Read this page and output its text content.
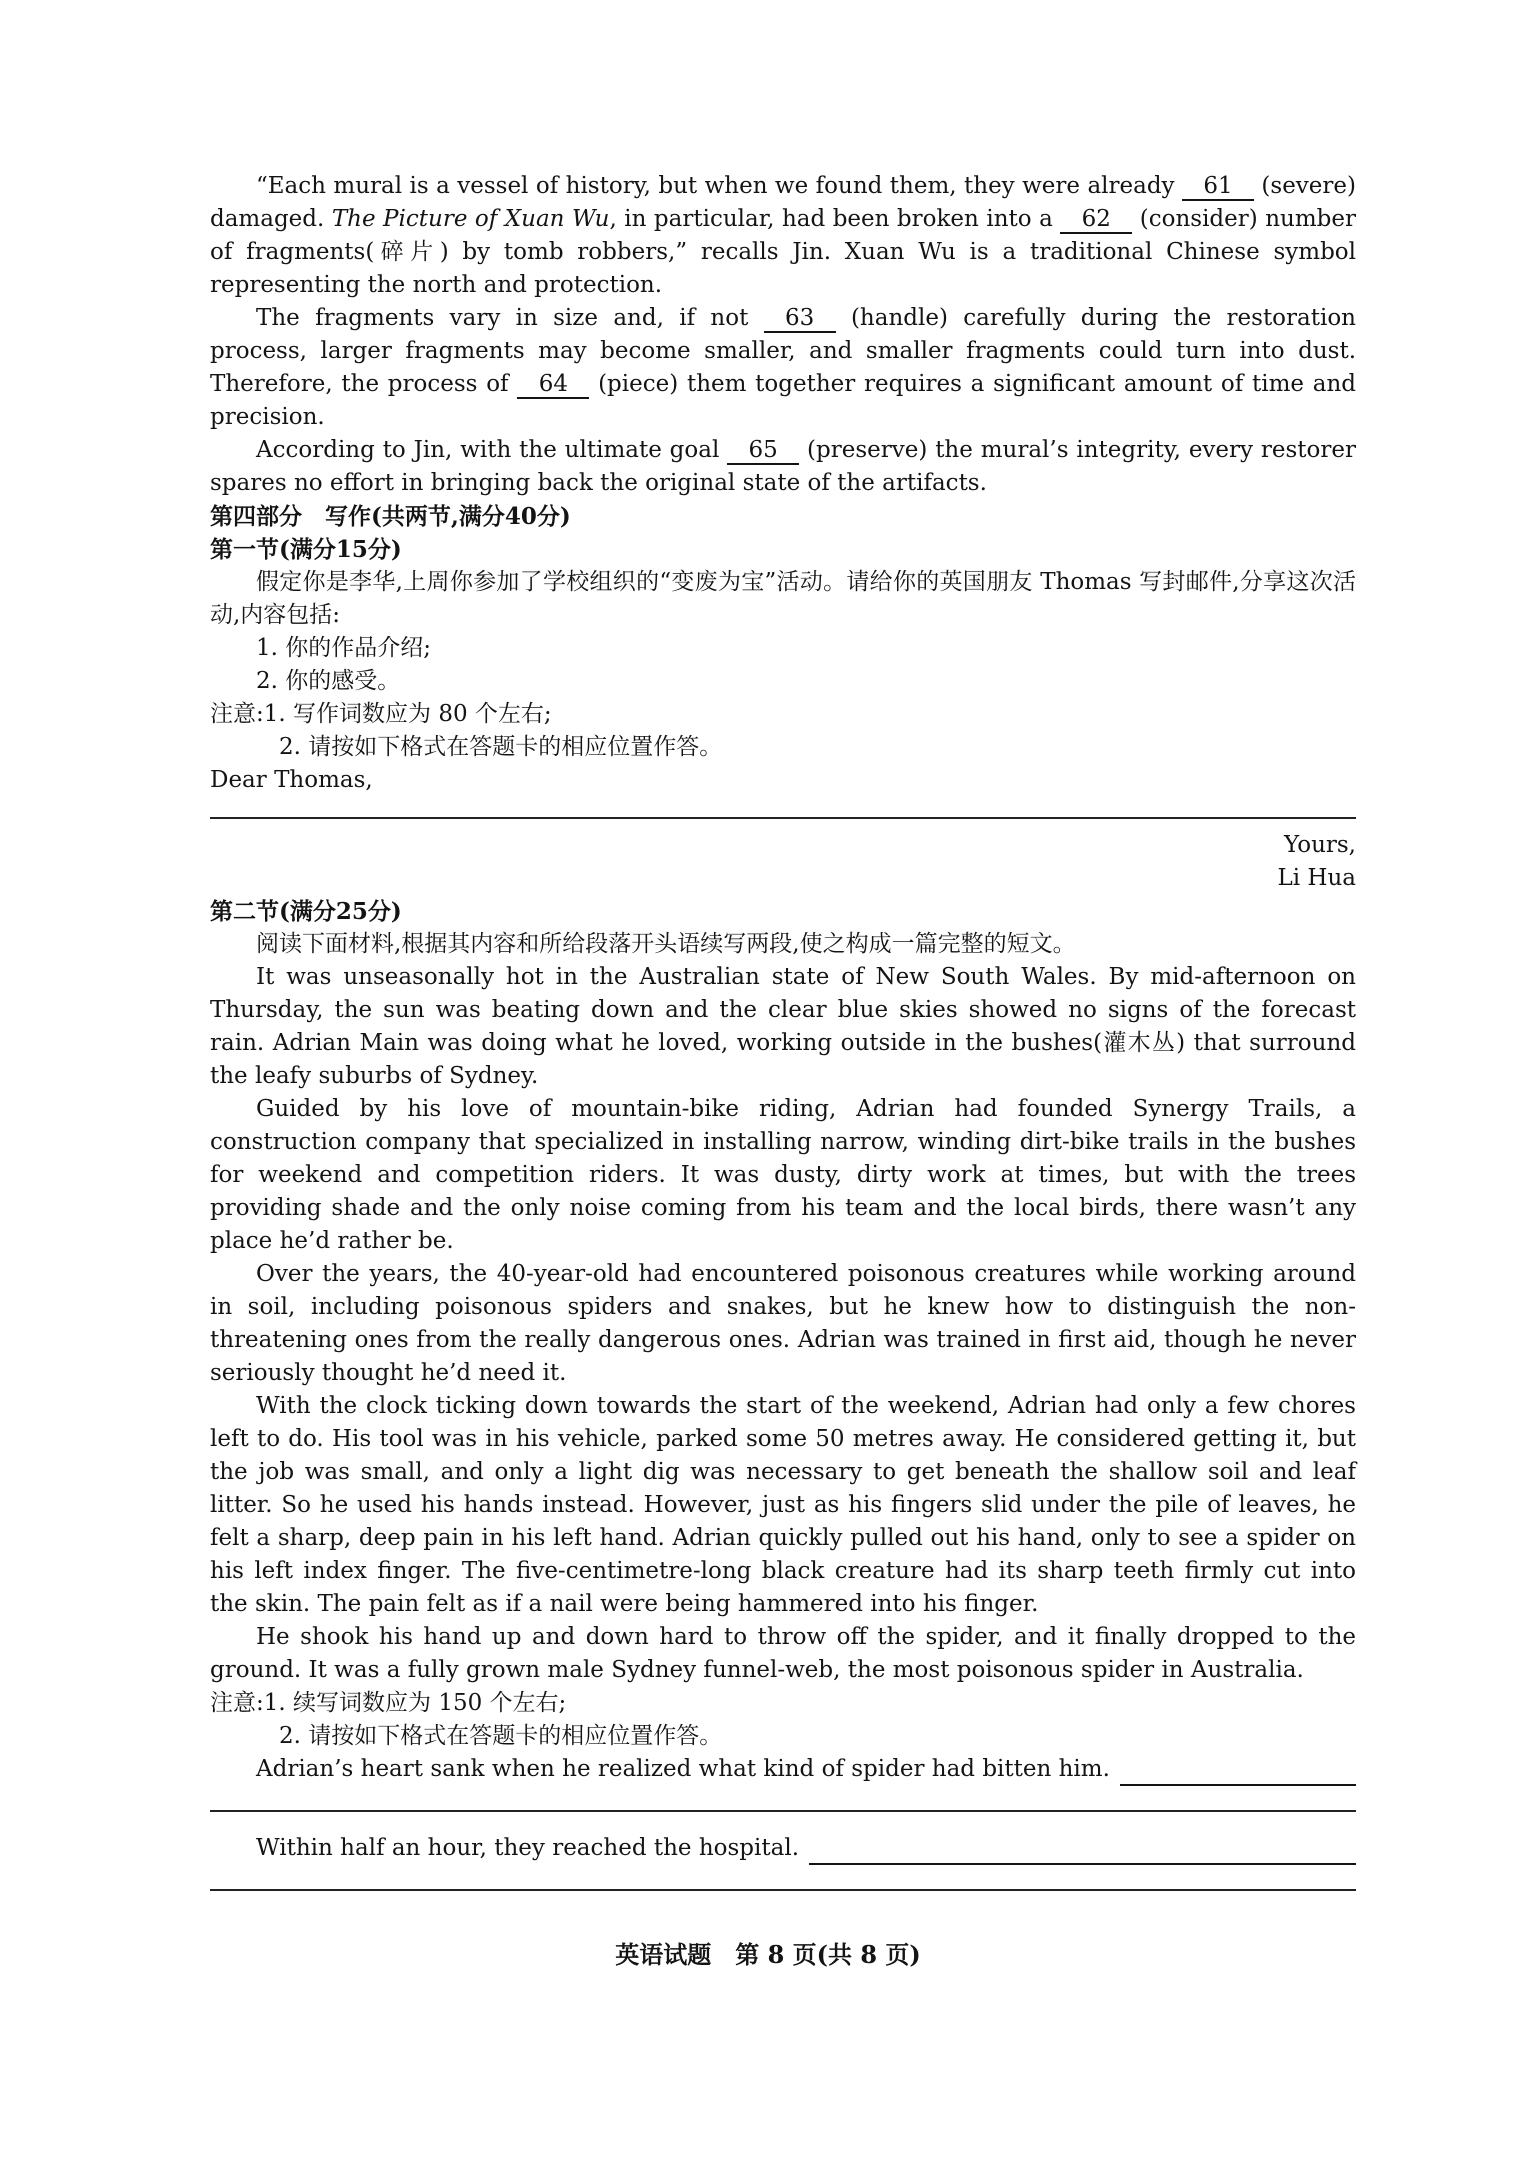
“Each mural is a vessel of history, but when we found them, they were already 61 (severe) damaged. The Picture of Xuan Wu, in particular, had been broken into a 62 (consider) number of fragments(碎片) by tomb robbers,” recalls Jin. Xuan Wu is a traditional Chinese symbol representing the north and protection.

The fragments vary in size and, if not 63 (handle) carefully during the restoration process, larger fragments may become smaller, and smaller fragments could turn into dust. Therefore, the process of 64 (piece) them together requires a significant amount of time and precision.

According to Jin, with the ultimate goal 65 (preserve) the mural’s integrity, every restorer spares no effort in bringing back the original state of the artifacts.

第四部分　写作(共两节,满分40分)

第一节(满分15分)

假定你是李华,上周你参加了学校组织的“变废为宝”活动。请给你的英国朋友 Thomas 写封邮件,分享这次活动,内容包括:

1. 你的作品介绍;

2. 你的感受。

注意:1. 写作词数应为 80 个左右;

2. 请按如下格式在答题卡的相应位置作答。

Dear Thomas,

Yours,
Li Hua

第二节(满分25分)

阅读下面材料,根据其内容和所给段落开头语续写两段,使之构成一篇完整的短文。

It was unseasonally hot in the Australian state of New South Wales. By mid-afternoon on Thursday, the sun was beating down and the clear blue skies showed no signs of the forecast rain. Adrian Main was doing what he loved, working outside in the bushes(灌木丛) that surround the leafy suburbs of Sydney.

Guided by his love of mountain-bike riding, Adrian had founded Synergy Trails, a construction company that specialized in installing narrow, winding dirt-bike trails in the bushes for weekend and competition riders. It was dusty, dirty work at times, but with the trees providing shade and the only noise coming from his team and the local birds, there wasn’t any place he’d rather be.

Over the years, the 40-year-old had encountered poisonous creatures while working around in soil, including poisonous spiders and snakes, but he knew how to distinguish the non-threatening ones from the really dangerous ones. Adrian was trained in first aid, though he never seriously thought he’d need it.

With the clock ticking down towards the start of the weekend, Adrian had only a few chores left to do. His tool was in his vehicle, parked some 50 metres away. He considered getting it, but the job was small, and only a light dig was necessary to get beneath the shallow soil and leaf litter. So he used his hands instead. However, just as his fingers slid under the pile of leaves, he felt a sharp, deep pain in his left hand. Adrian quickly pulled out his hand, only to see a spider on his left index finger. The five-centimetre-long black creature had its sharp teeth firmly cut into the skin. The pain felt as if a nail were being hammered into his finger.

He shook his hand up and down hard to throw off the spider, and it finally dropped to the ground. It was a fully grown male Sydney funnel-web, the most poisonous spider in Australia.

注意:1. 续写词数应为 150 个左右;

2. 请按如下格式在答题卡的相应位置作答。

Adrian’s heart sank when he realized what kind of spider had bitten him.
Within half an hour, they reached the hospital.
英语试题　第 8 页(共 8 页)
